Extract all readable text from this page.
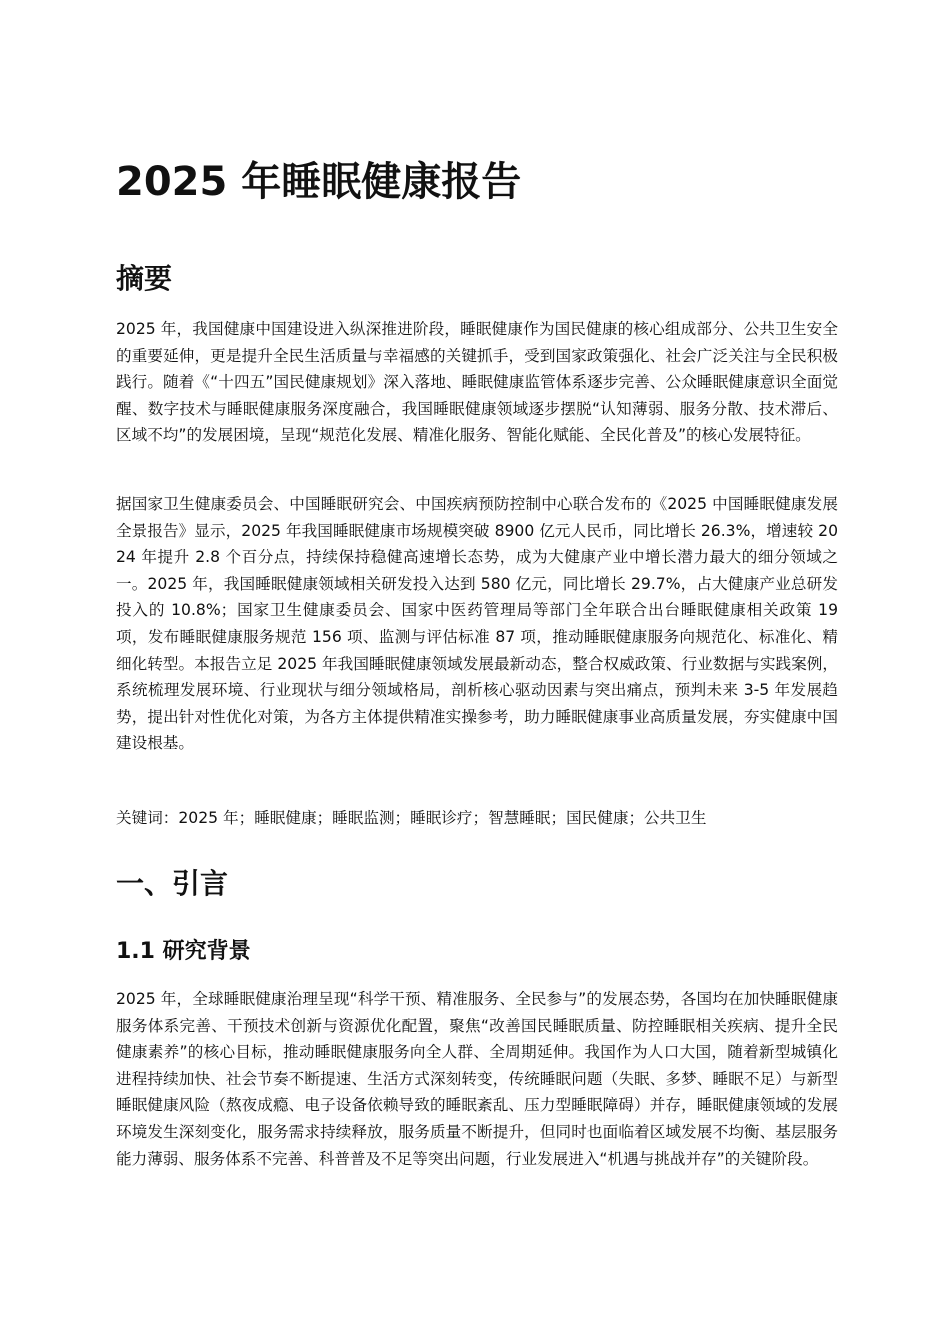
2025 年睡眠健康报告
摘要

2025 年，我国健康中国建设进入纵深推进阶段，睡眠健康作为国民健康的核心组成部分、公共卫生安全的重要延伸，更是提升全民生活质量与幸福感的关键抓手，受到国家政策强化、社会广泛关注与全民积极践行。随着《“十四五”国民健康规划》深入落地、睡眠健康监管体系逐步完善、公众睡眠健康意识全面觉醒、数字技术与睡眠健康服务深度融合，我国睡眠健康领域逐步摆脱“认知薄弱、服务分散、技术滞后、区域不均”的发展困境，呈现“规范化发展、精准化服务、智能化赋能、全民化普及”的核心发展特征。

据国家卫生健康委员会、中国睡眠研究会、中国疾病预防控制中心联合发布的《2025 中国睡眠健康发展全景报告》显示，2025 年我国睡眠健康市场规模突破 8900 亿元人民币，同比增长 26.3%，增速较 2024 年提升 2.8 个百分点，持续保持稳健高速增长态势，成为大健康产业中增长潜力最大的细分领域之一。2025 年，我国睡眠健康领域相关研发投入达到 580 亿元，同比增长 29.7%，占大健康产业总研发投入的 10.8%；国家卫生健康委员会、国家中医药管理局等部门全年联合出台睡眠健康相关政策 19 项，发布睡眠健康服务规范 156 项、监测与评估标准 87 项，推动睡眠健康服务向规范化、标准化、精细化转型。本报告立足 2025 年我国睡眠健康领域发展最新动态，整合权威政策、行业数据与实践案例，系统梳理发展环境、行业现状与细分领域格局，剖析核心驱动因素与突出痛点，预判未来 3-5 年发展趋势，提出针对性优化对策，为各方主体提供精准实操参考，助力睡眠健康事业高质量发展，夯实健康中国建设根基。

关键词：2025 年；睡眠健康；睡眠监测；睡眠诊疗；智慧睡眠；国民健康；公共卫生

一、引言
1.1 研究背景

2025 年，全球睡眠健康治理呈现“科学干预、精准服务、全民参与”的发展态势，各国均在加快睡眠健康服务体系完善、干预技术创新与资源优化配置，聚焦“改善国民睡眠质量、防控睡眠相关疾病、提升全民健康素养”的核心目标，推动睡眠健康服务向全人群、全周期延伸。我国作为人口大国，随着新型城镇化进程持续加快、社会节奏不断提速、生活方式深刻转变，传统睡眠问题（失眠、多梦、睡眠不足）与新型睡眠健康风险（熬夜成瘾、电子设备依赖导致的睡眠紊乱、压力型睡眠障碍）并存，睡眠健康领域的发展环境发生深刻变化，服务需求持续释放，服务质量不断提升，但同时也面临着区域发展不均衡、基层服务能力薄弱、服务体系不完善、科普普及不足等突出问题，行业发展进入“机遇与挑战并存”的关键阶段。
